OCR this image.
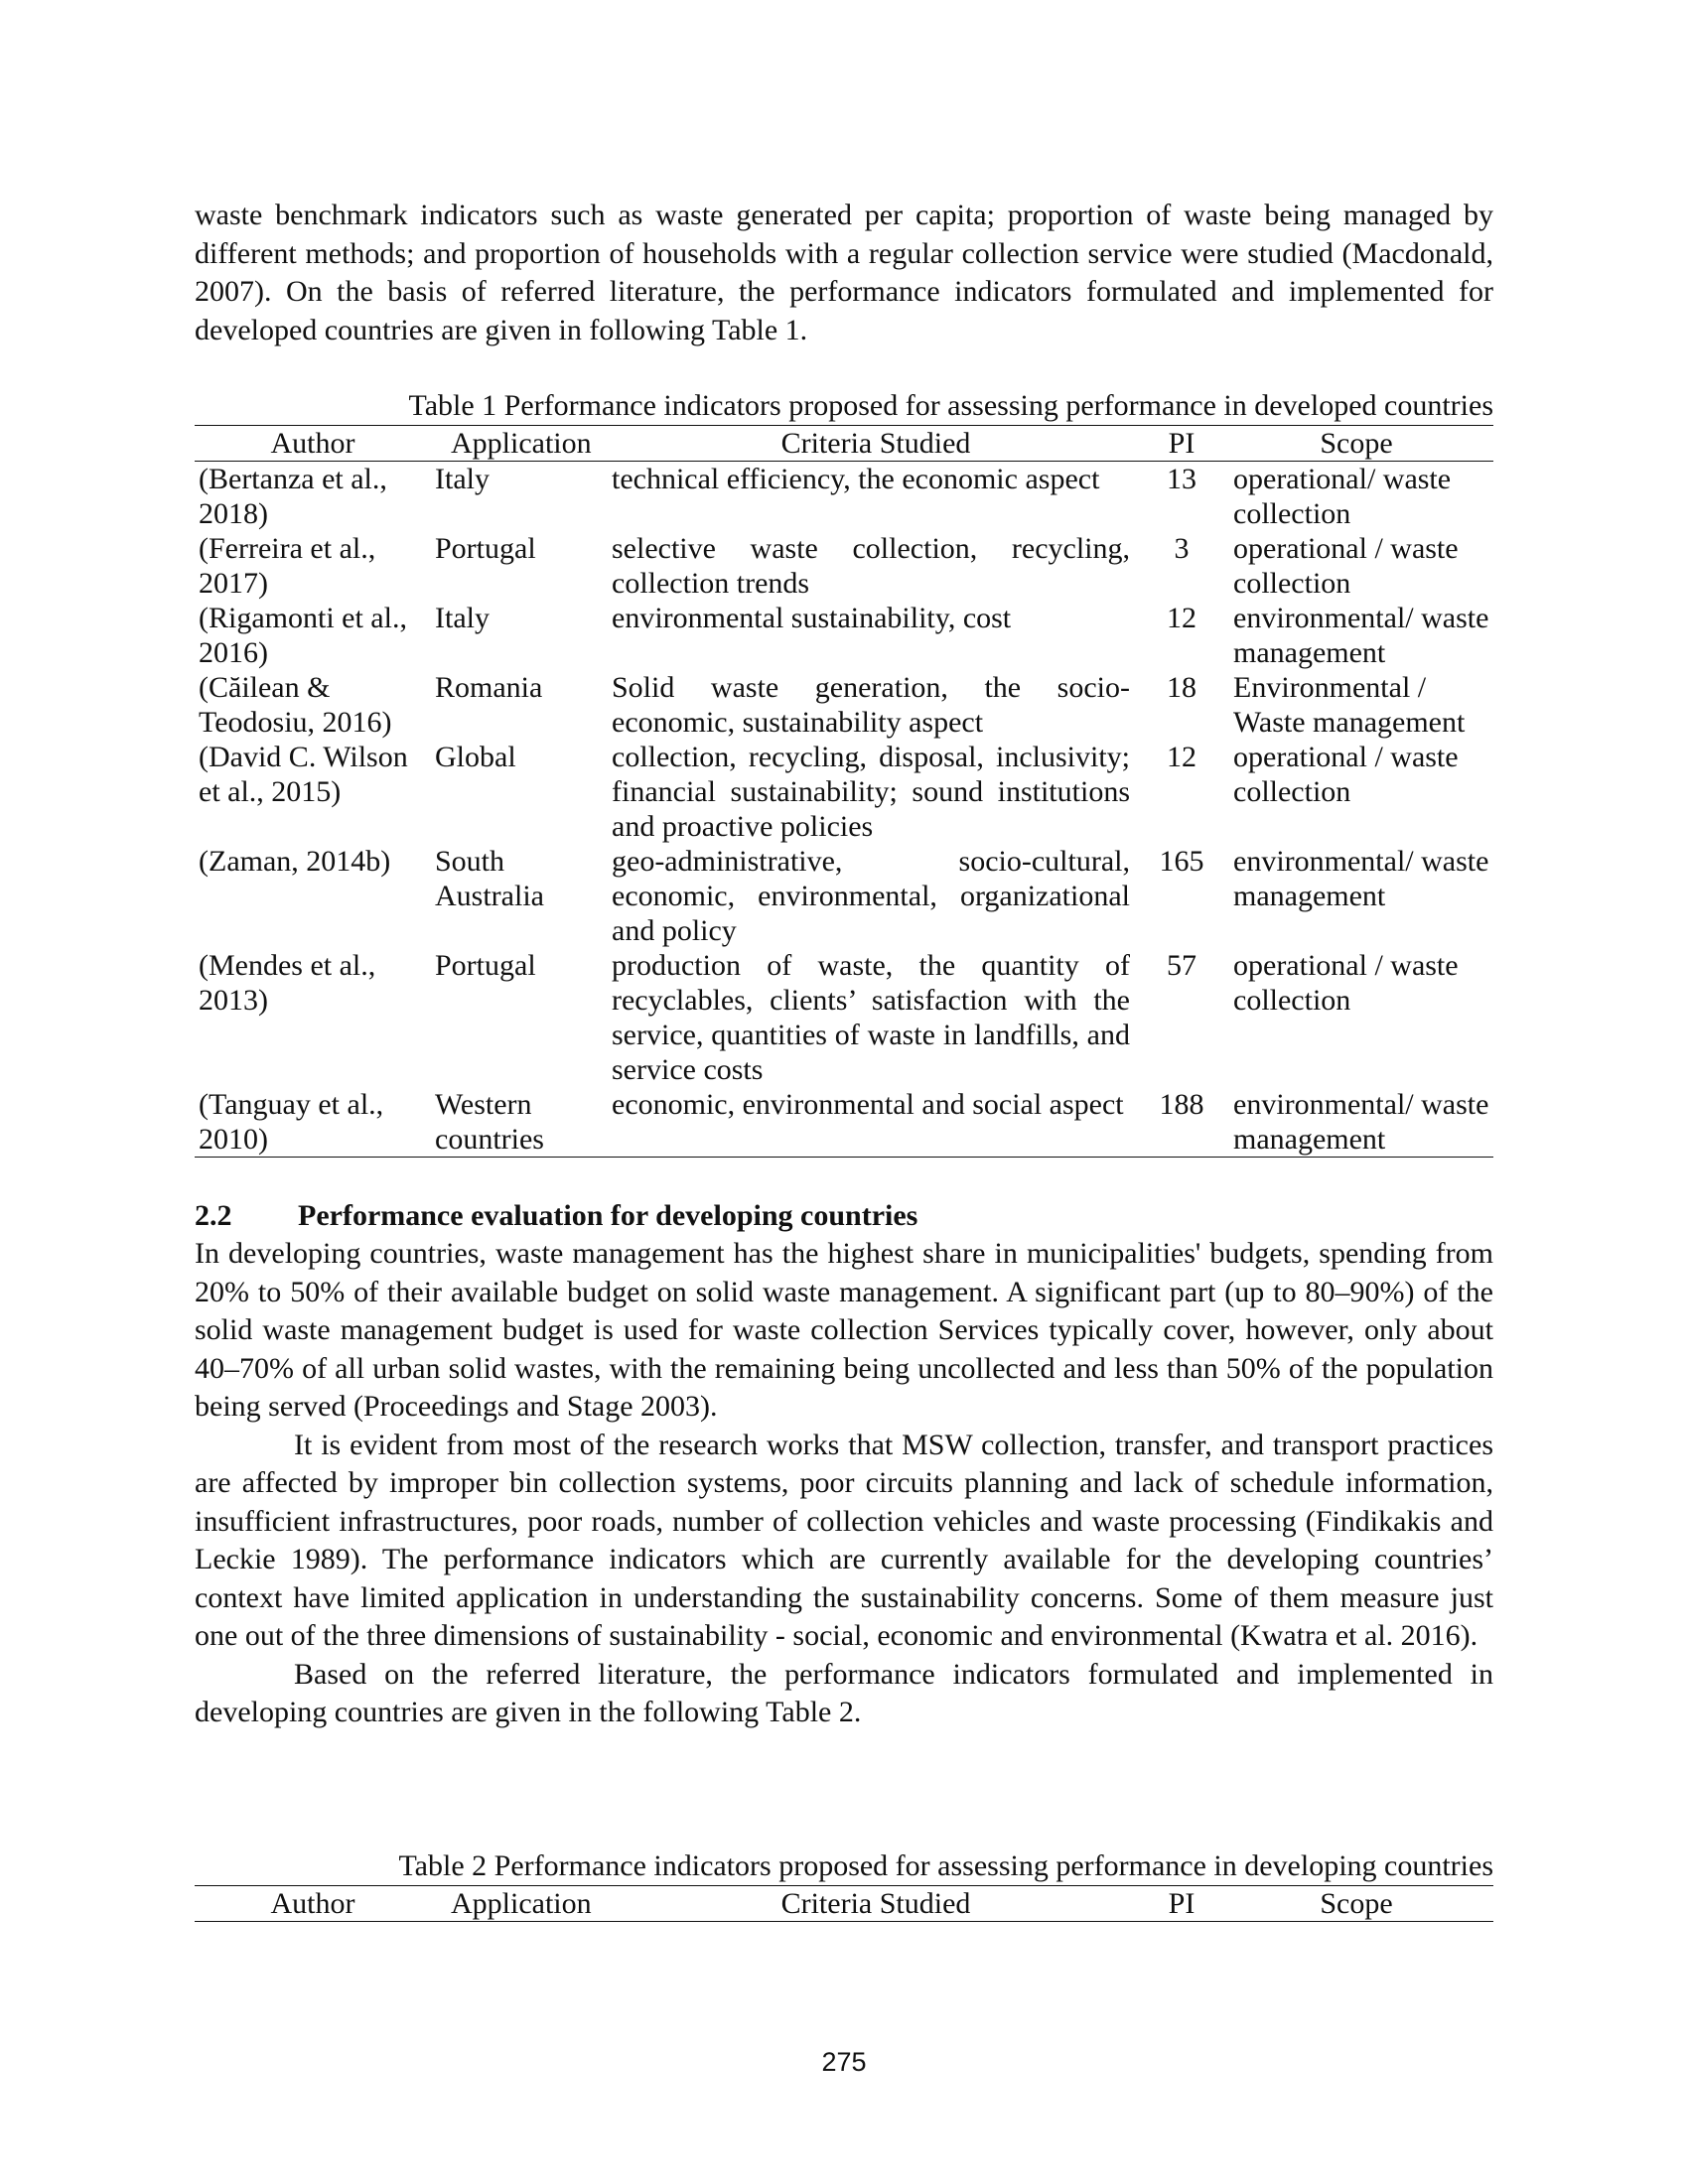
waste benchmark indicators such as waste generated per capita; proportion of waste being managed by different methods; and proportion of households with a regular collection service were studied (Macdonald, 2007). On the basis of referred literature, the performance indicators formulated and implemented for developed countries are given in following Table 1.

Table 1 Performance indicators proposed for assessing performance in developed countries
Author	Application	Criteria Studied	PI	Scope
(Bertanza et al., 2018)	Italy	technical efficiency, the economic aspect	13	operational/ waste collection
(Ferreira et al., 2017)	Portugal	selective waste collection, recycling, collection trends	3	operational / waste collection
(Rigamonti et al., 2016)	Italy	environmental sustainability, cost	12	environmental/ waste management
(Căilean & Teodosiu, 2016)	Romania	Solid waste generation, the socio-economic, sustainability aspect	18	Environmental / Waste management
(David C. Wilson et al., 2015)	Global	collection, recycling, disposal, inclusivity; financial sustainability; sound institutions and proactive policies	12	operational / waste collection
(Zaman, 2014b)	South Australia	geo-administrative, socio-cultural, economic, environmental, organizational and policy	165	environmental/ waste management
(Mendes et al., 2013)	Portugal	production of waste, the quantity of recyclables, clients’ satisfaction with the service, quantities of waste in landfills, and service costs	57	operational / waste collection
(Tanguay et al., 2010)	Western countries	economic, environmental and social aspect	188	environmental/ waste management
2.2 Performance evaluation for developing countries

In developing countries, waste management has the highest share in municipalities' budgets, spending from 20% to 50% of their available budget on solid waste management. A significant part (up to 80–90%) of the solid waste management budget is used for waste collection Services typically cover, however, only about 40–70% of all urban solid wastes, with the remaining being uncollected and less than 50% of the population being served (Proceedings and Stage 2003).

It is evident from most of the research works that MSW collection, transfer, and transport practices are affected by improper bin collection systems, poor circuits planning and lack of schedule information, insufficient infrastructures, poor roads, number of collection vehicles and waste processing (Findikakis and Leckie 1989). The performance indicators which are currently available for the developing countries’ context have limited application in understanding the sustainability concerns. Some of them measure just one out of the three dimensions of sustainability - social, economic and environmental (Kwatra et al. 2016).

Based on the referred literature, the performance indicators formulated and implemented in developing countries are given in the following Table 2.

Table 2 Performance indicators proposed for assessing performance in developing countries
Author	Application	Criteria Studied	PI	Scope
275
